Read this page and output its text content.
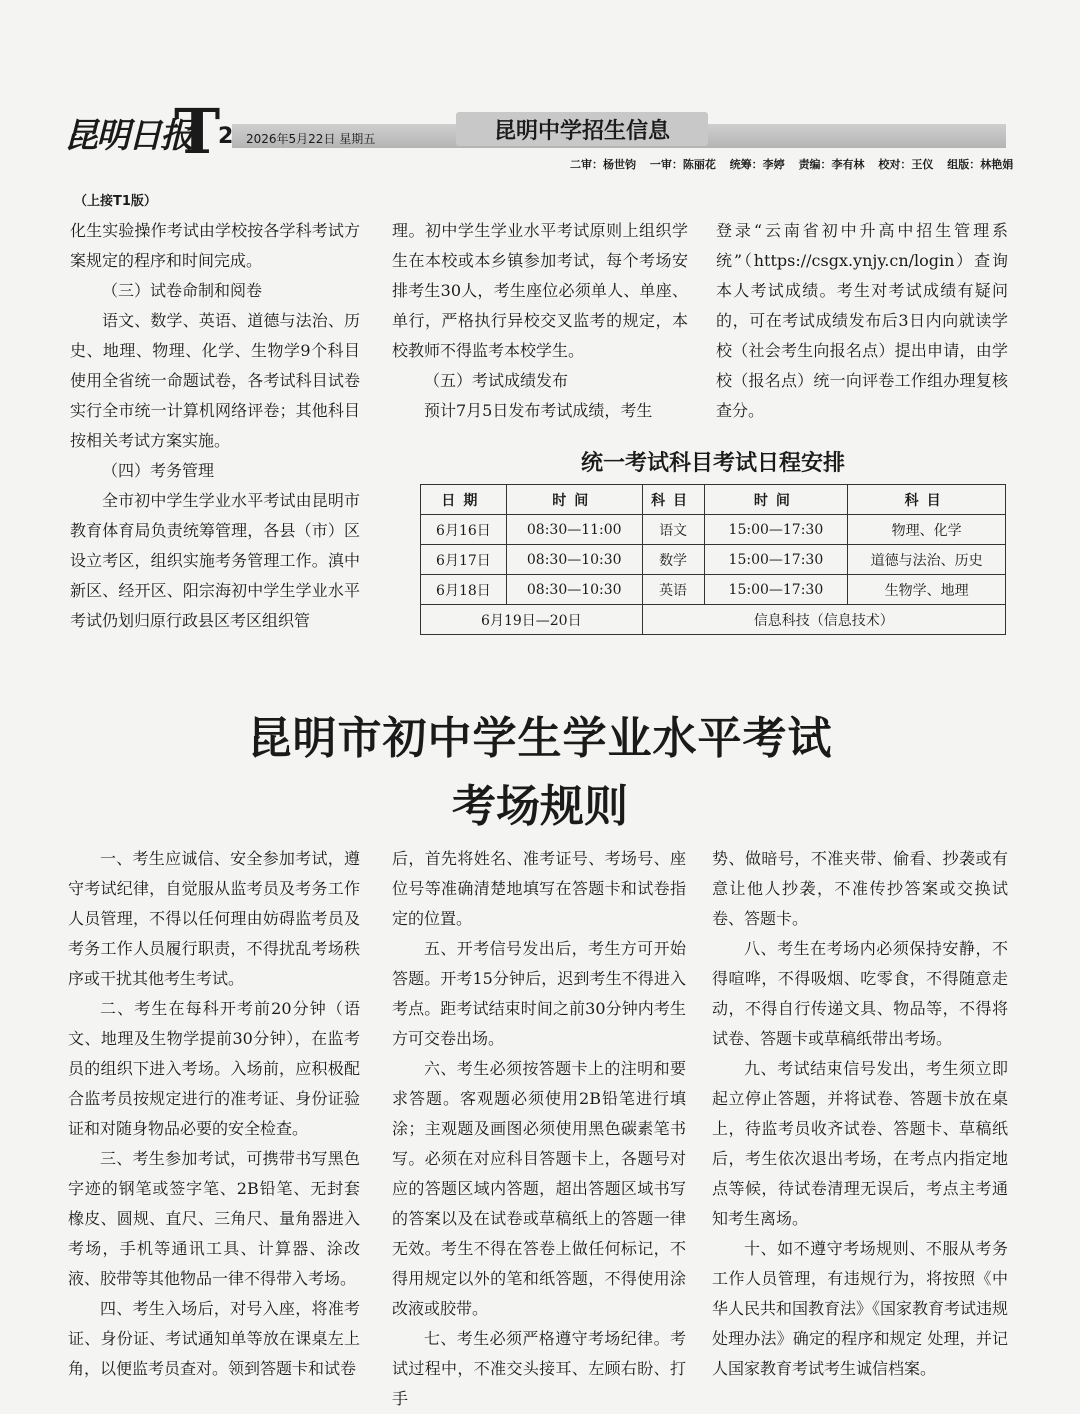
昆明日报
T
2 2026年5月22日 星期五	昆明中学招生信息
二审：杨世钧 一审：陈丽花 统筹：李婷 责编：李有林 校对：王仪 组版：林艳娟
（上接T1版）

化生实验操作考试由学校按各学科考试方案规定的程序和时间完成。

（三）试卷命制和阅卷

语文、数学、英语、道德与法治、历史、地理、物理、化学、生物学9个科目使用全省统一命题试卷，各考试科目试卷实行全市统一计算机网络评卷；其他科目按相关考试方案实施。

（四）考务管理

全市初中学生学业水平考试由昆明市教育体育局负责统筹管理，各县（市）区设立考区，组织实施考务管理工作。滇中新区、经开区、阳宗海初中学生学业水平考试仍划归原行政县区考区组织管

理。初中学生学业水平考试原则上组织学生在本校或本乡镇参加考试，每个考场安排考生30人，考生座位必须单人、单座、单行，严格执行异校交叉监考的规定，本校教师不得监考本校学生。

（五）考试成绩发布

预计7月5日发布考试成绩，考生

登录“云南省初中升高中招生管理系统”（https://csgx.ynjy.cn/login）查询本人考试成绩。考生对考试成绩有疑问的，可在考试成绩发布后3日内向就读学校（社会考生向报名点）提出申请，由学校（报名点）统一向评卷工作组办理复核查分。

统一考试科目考试日程安排
日期	时间	科目	时间	科目
6月16日	08:30—11:00	语文	15:00—17:30	物理、化学
6月17日	08:30—10:30	数学	15:00—17:30	道德与法治、历史
6月18日	08:30—10:30	英语	15:00—17:30	生物学、地理
6月19日—20日		信息科技（信息技术）		
昆明市初中学生学业水平考试
考场规则

一、考生应诚信、安全参加考试，遵守考试纪律，自觉服从监考员及考务工作人员管理，不得以任何理由妨碍监考员及考务工作人员履行职责，不得扰乱考场秩序或干扰其他考生考试。

二、考生在每科开考前20分钟（语文、地理及生物学提前30分钟），在监考员的组织下进入考场。入场前，应积极配合监考员按规定进行的准考证、身份证验证和对随身物品必要的安全检查。

三、考生参加考试，可携带书写黑色字迹的钢笔或签字笔、2B铅笔、无封套橡皮、圆规、直尺、三角尺、量角器进入考场，手机等通讯工具、计算器、涂改液、胶带等其他物品一律不得带入考场。

四、考生入场后，对号入座，将准考证、身份证、考试通知单等放在课桌左上角，以便监考员查对。领到答题卡和试卷

后，首先将姓名、准考证号、考场号、座位号等准确清楚地填写在答题卡和试卷指定的位置。

五、开考信号发出后，考生方可开始答题。开考15分钟后，迟到考生不得进入考点。距考试结束时间之前30分钟内考生方可交卷出场。

六、考生必须按答题卡上的注明和要求答题。客观题必须使用2B铅笔进行填涂；主观题及画图必须使用黑色碳素笔书写。必须在对应科目答题卡上，各题号对应的答题区域内答题，超出答题区域书写的答案以及在试卷或草稿纸上的答题一律无效。考生不得在答卷上做任何标记，不得用规定以外的笔和纸答题，不得使用涂改液或胶带。

七、考生必须严格遵守考场纪律。考试过程中，不准交头接耳、左顾右盼、打手

势、做暗号，不准夹带、偷看、抄袭或有意让他人抄袭，不准传抄答案或交换试卷、答题卡。

八、考生在考场内必须保持安静，不得喧哗，不得吸烟、吃零食，不得随意走动，不得自行传递文具、物品等，不得将试卷、答题卡或草稿纸带出考场。

九、考试结束信号发出，考生须立即起立停止答题，并将试卷、答题卡放在桌上，待监考员收齐试卷、答题卡、草稿纸后，考生依次退出考场，在考点内指定地点等候，待试卷清理无误后，考点主考通知考生离场。

十、如不遵守考场规则、不服从考务工作人员管理，有违规行为，将按照《中华人民共和国教育法》《国家教育考试违规处理办法》确定的程序和规定 处理，并记人国家教育考试考生诚信档案。
